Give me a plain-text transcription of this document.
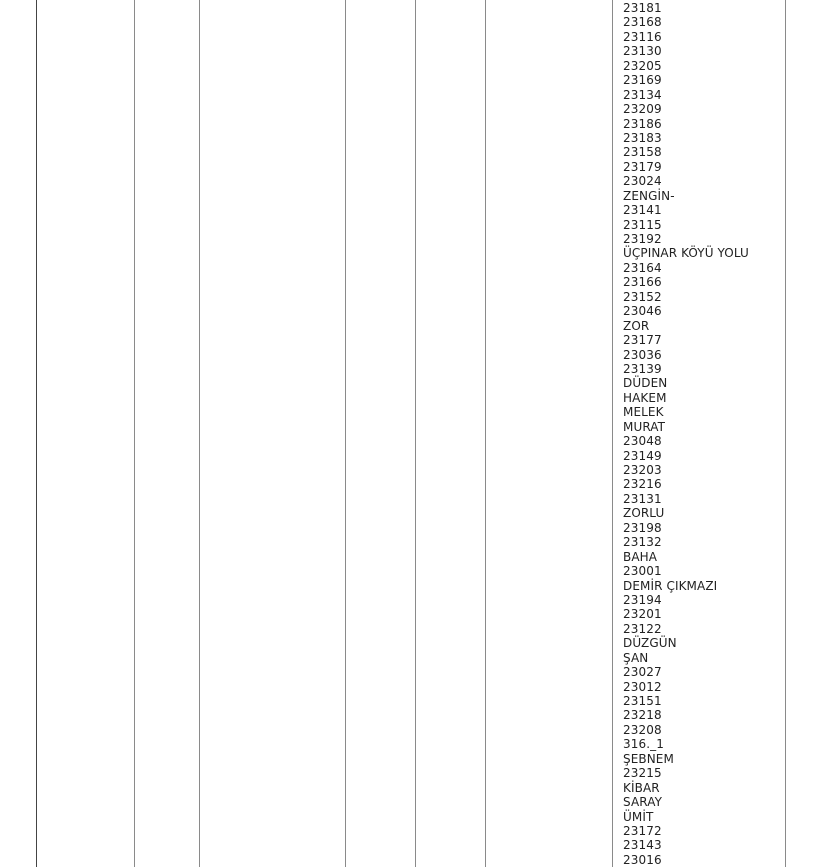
23181
23168
23116
23130
23205
23169
23134
23209
23186
23183
23158
23179
23024
ZENGİN-
23141
23115
23192
ÜÇPINAR KÖYÜ YOLU
23164
23166
23152
23046
ZOR
23177
23036
23139
DÜDEN
HAKEM
MELEK
MURAT
23048
23149
23203
23216
23131
ZORLU
23198
23132
BAHA
23001
DEMİR ÇIKMAZI
23194
23201
23122
DÜZGÜN
ŞAN
23027
23012
23151
23218
23208
316._1
ŞEBNEM
23215
KİBAR
SARAY
ÜMİT
23172
23143
23016
